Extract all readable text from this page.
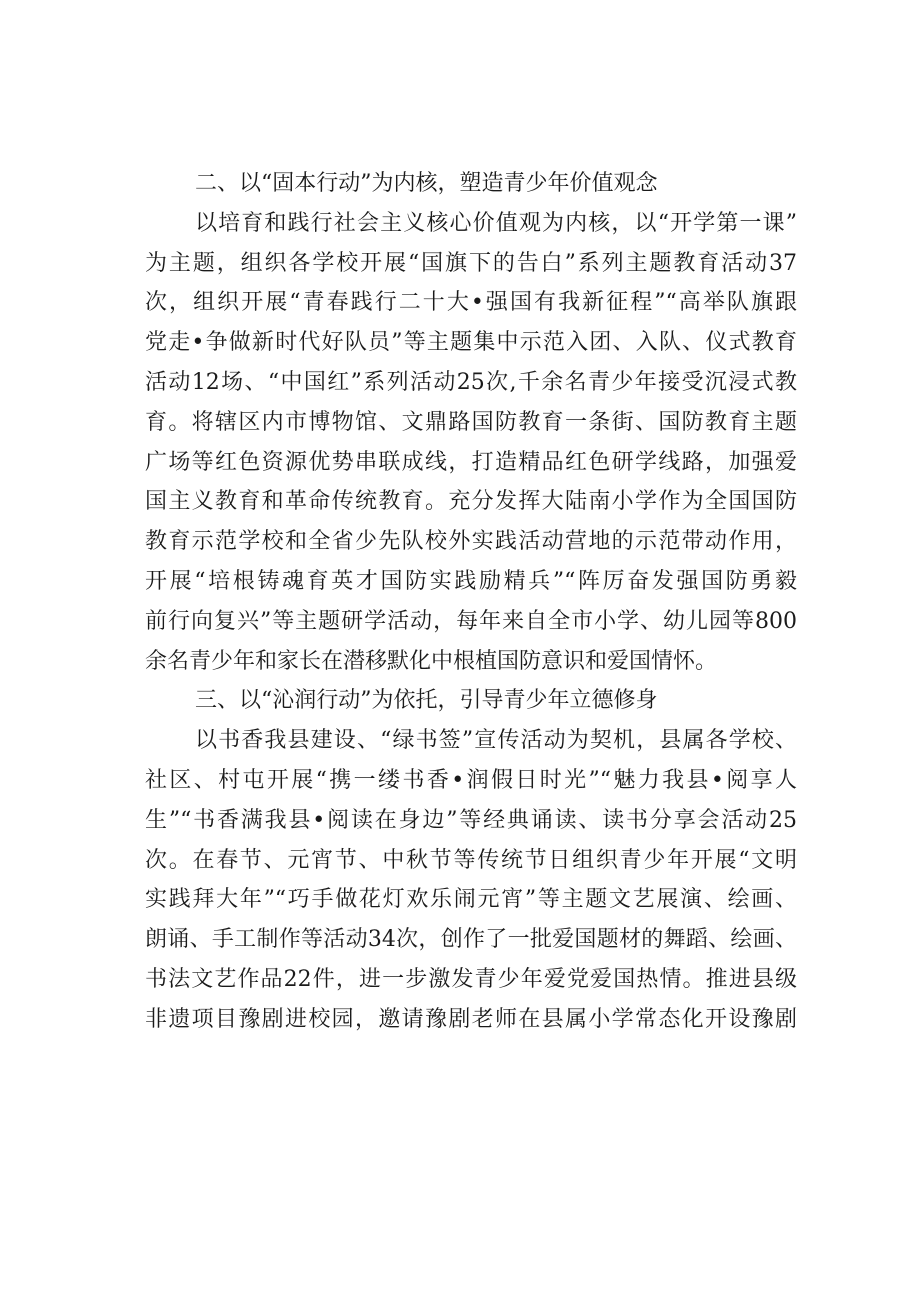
二、以“固本行动”为内核，塑造青少年价值观念
以培育和践行社会主义核心价值观为内核，以“开学第一课”
为主题，组织各学校开展“国旗下的告白”系列主题教育活动37
次，组织开展“青春践行二十大•强国有我新征程”“高举队旗跟
党走•争做新时代好队员”等主题集中示范入团、入队、仪式教育
活动12场、“中国红”系列活动25次,千余名青少年接受沉浸式教
育。将辖区内市博物馆、文鼎路国防教育一条街、国防教育主题
广场等红色资源优势串联成线，打造精品红色研学线路，加强爱
国主义教育和革命传统教育。充分发挥大陆南小学作为全国国防
教育示范学校和全省少先队校外实践活动营地的示范带动作用，
开展“培根铸魂育英才国防实践励精兵”“阵厉奋发强国防勇毅
前行向复兴”等主题研学活动，每年来自全市小学、幼儿园等800
余名青少年和家长在潜移默化中根植国防意识和爱国情怀。
三、以“沁润行动”为依托，引导青少年立德修身
以书香我县建设、“绿书签”宣传活动为契机，县属各学校、
社区、村屯开展“携一缕书香•润假日时光”“魅力我县•阅享人
生”“书香满我县•阅读在身边”等经典诵读、读书分享会活动25
次。在春节、元宵节、中秋节等传统节日组织青少年开展“文明
实践拜大年”“巧手做花灯欢乐闹元宵”等主题文艺展演、绘画、
朗诵、手工制作等活动34次，创作了一批爱国题材的舞蹈、绘画、
书法文艺作品22件，进一步激发青少年爱党爱国热情。推进县级
非遗项目豫剧进校园，邀请豫剧老师在县属小学常态化开设豫剧
